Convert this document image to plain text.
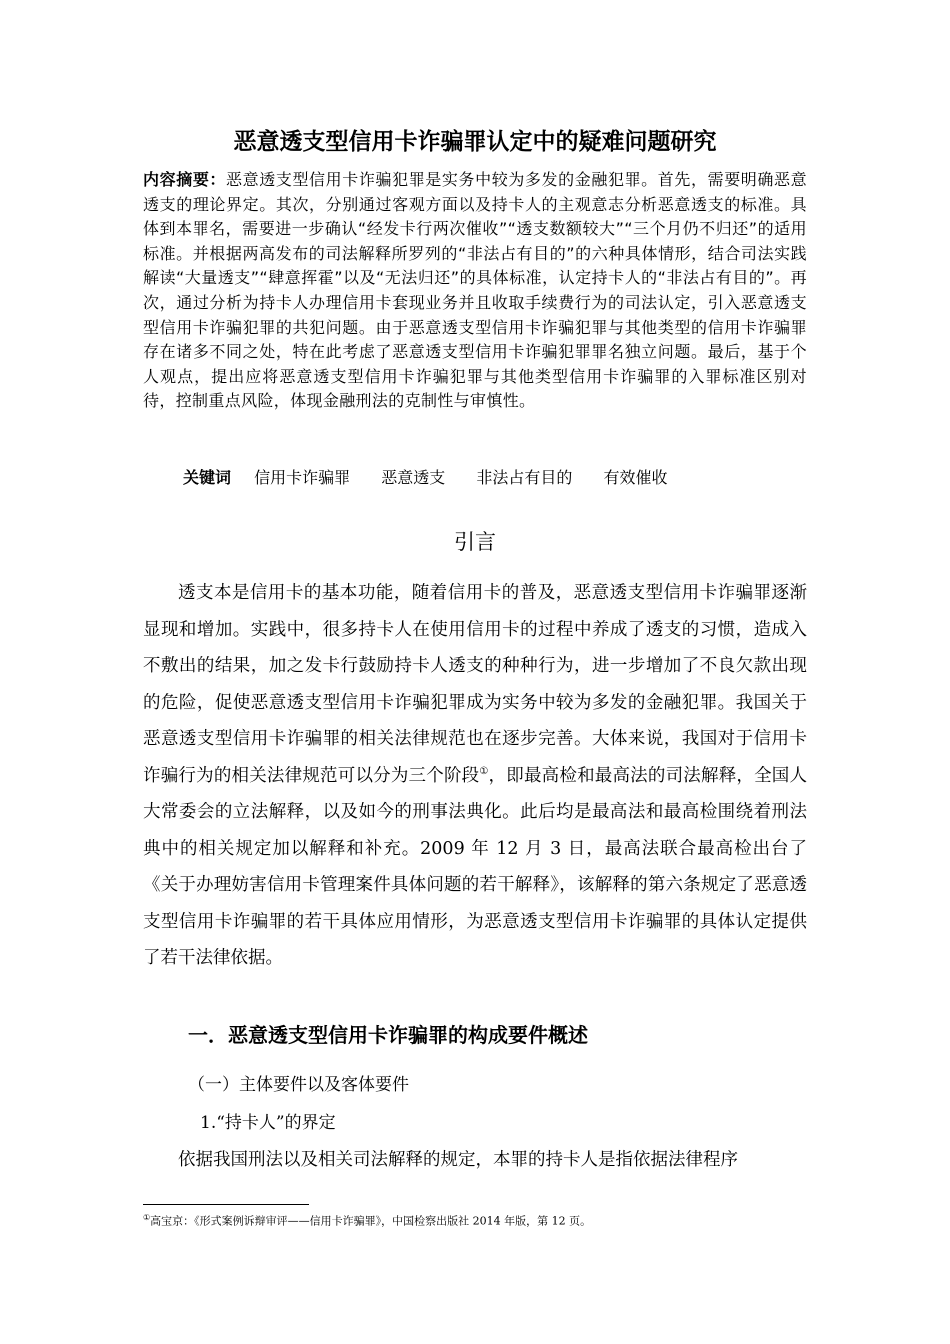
恶意透支型信用卡诈骗罪认定中的疑难问题研究
内容摘要：恶意透支型信用卡诈骗犯罪是实务中较为多发的金融犯罪。首先，需要明确恶意透支的理论界定。其次，分别通过客观方面以及持卡人的主观意志分析恶意透支的标准。具体到本罪名，需要进一步确认“经发卡行两次催收”“透支数额较大”“三个月仍不归还”的适用标准。并根据两高发布的司法解释所罗列的“非法占有目的”的六种具体情形，结合司法实践解读“大量透支”“肆意挥霍”以及“无法归还”的具体标准，认定持卡人的“非法占有目的”。再次，通过分析为持卡人办理信用卡套现业务并且收取手续费行为的司法认定，引入恶意透支型信用卡诈骗犯罪的共犯问题。由于恶意透支型信用卡诈骗犯罪与其他类型的信用卡诈骗罪存在诸多不同之处，特在此考虑了恶意透支型信用卡诈骗犯罪罪名独立问题。最后，基于个人观点，提出应将恶意透支型信用卡诈骗犯罪与其他类型信用卡诈骗罪的入罪标准区别对待，控制重点风险，体现金融刑法的克制性与审慎性。
关键词 信用卡诈骗罪 恶意透支 非法占有目的 有效催收
引言
透支本是信用卡的基本功能，随着信用卡的普及，恶意透支型信用卡诈骗罪逐渐显现和增加。实践中，很多持卡人在使用信用卡的过程中养成了透支的习惯，造成入不敷出的结果，加之发卡行鼓励持卡人透支的种种行为，进一步增加了不良欠款出现的危险，促使恶意透支型信用卡诈骗犯罪成为实务中较为多发的金融犯罪。我国关于恶意透支型信用卡诈骗罪的相关法律规范也在逐步完善。大体来说，我国对于信用卡诈骗行为的相关法律规范可以分为三个阶段①，即最高检和最高法的司法解释，全国人大常委会的立法解释，以及如今的刑事法典化。此后均是最高法和最高检围绕着刑法典中的相关规定加以解释和补充。2009 年 12 月 3 日，最高法联合最高检出台了《关于办理妨害信用卡管理案件具体问题的若干解释》，该解释的第六条规定了恶意透支型信用卡诈骗罪的若干具体应用情形，为恶意透支型信用卡诈骗罪的具体认定提供了若干法律依据。
一．恶意透支型信用卡诈骗罪的构成要件概述
（一）主体要件以及客体要件
1.“持卡人”的界定
依据我国刑法以及相关司法解释的规定，本罪的持卡人是指依据法律程序
①高宝京：《形式案例诉辩审评——信用卡诈骗罪》，中国检察出版社 2014 年版，第 12 页。
